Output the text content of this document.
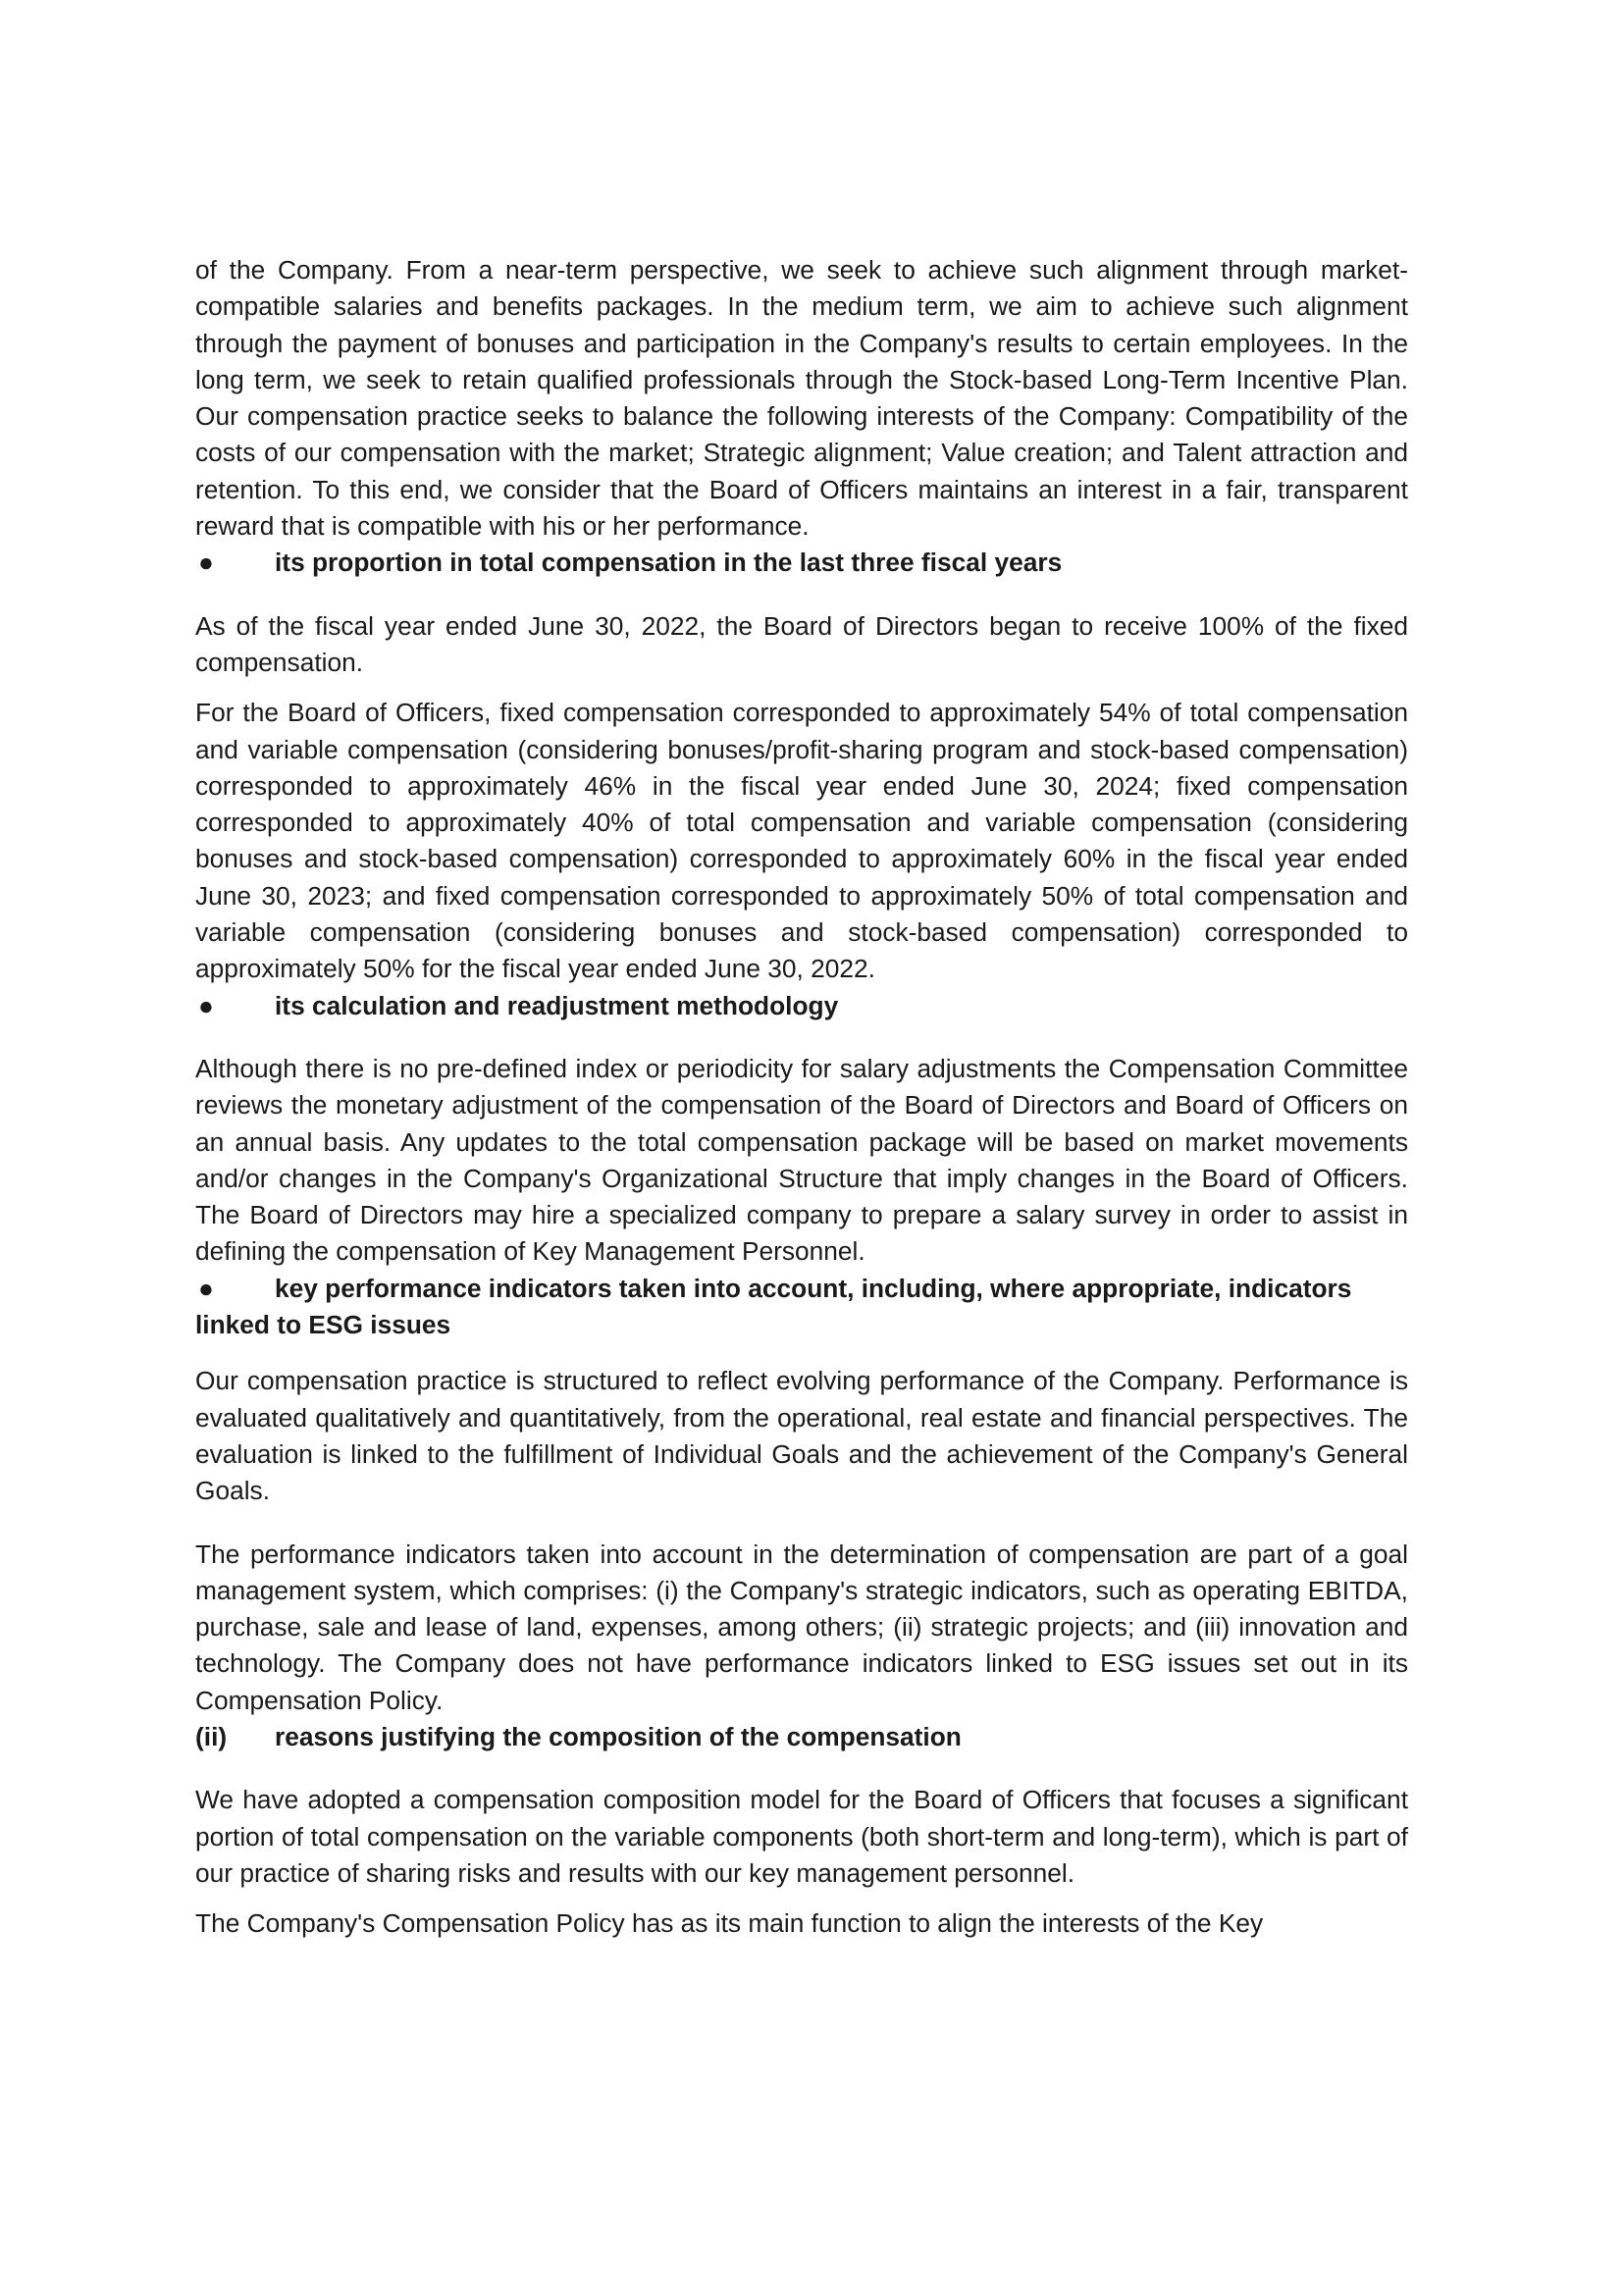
of the Company. From a near-term perspective, we seek to achieve such alignment through market-compatible salaries and benefits packages. In the medium term, we aim to achieve such alignment through the payment of bonuses and participation in the Company's results to certain employees. In the long term, we seek to retain qualified professionals through the Stock-based Long-Term Incentive Plan. Our compensation practice seeks to balance the following interests of the Company: Compatibility of the costs of our compensation with the market; Strategic alignment; Value creation; and Talent attraction and retention. To this end, we consider that the Board of Officers maintains an interest in a fair, transparent reward that is compatible with his or her performance.

● its proportion in total compensation in the last three fiscal years

As of the fiscal year ended June 30, 2022, the Board of Directors began to receive 100% of the fixed compensation.

For the Board of Officers, fixed compensation corresponded to approximately 54% of total compensation and variable compensation (considering bonuses/profit-sharing program and stock-based compensation) corresponded to approximately 46% in the fiscal year ended June 30, 2024; fixed compensation corresponded to approximately 40% of total compensation and variable compensation (considering bonuses and stock-based compensation) corresponded to approximately 60% in the fiscal year ended June 30, 2023; and fixed compensation corresponded to approximately 50% of total compensation and variable compensation (considering bonuses and stock-based compensation) corresponded to approximately 50% for the fiscal year ended June 30, 2022.

● its calculation and readjustment methodology

Although there is no pre-defined index or periodicity for salary adjustments the Compensation Committee reviews the monetary adjustment of the compensation of the Board of Directors and Board of Officers on an annual basis. Any updates to the total compensation package will be based on market movements and/or changes in the Company's Organizational Structure that imply changes in the Board of Officers. The Board of Directors may hire a specialized company to prepare a salary survey in order to assist in defining the compensation of Key Management Personnel.

● key performance indicators taken into account, including, where appropriate, indicators linked to ESG issues

Our compensation practice is structured to reflect evolving performance of the Company. Performance is evaluated qualitatively and quantitatively, from the operational, real estate and financial perspectives. The evaluation is linked to the fulfillment of Individual Goals and the achievement of the Company's General Goals.

The performance indicators taken into account in the determination of compensation are part of a goal management system, which comprises: (i) the Company's strategic indicators, such as operating EBITDA, purchase, sale and lease of land, expenses, among others; (ii) strategic projects; and (iii) innovation and technology. The Company does not have performance indicators linked to ESG issues set out in its Compensation Policy.

(ii) reasons justifying the composition of the compensation

We have adopted a compensation composition model for the Board of Officers that focuses a significant portion of total compensation on the variable components (both short-term and long-term), which is part of our practice of sharing risks and results with our key management personnel.

The Company's Compensation Policy has as its main function to align the interests of the Key
